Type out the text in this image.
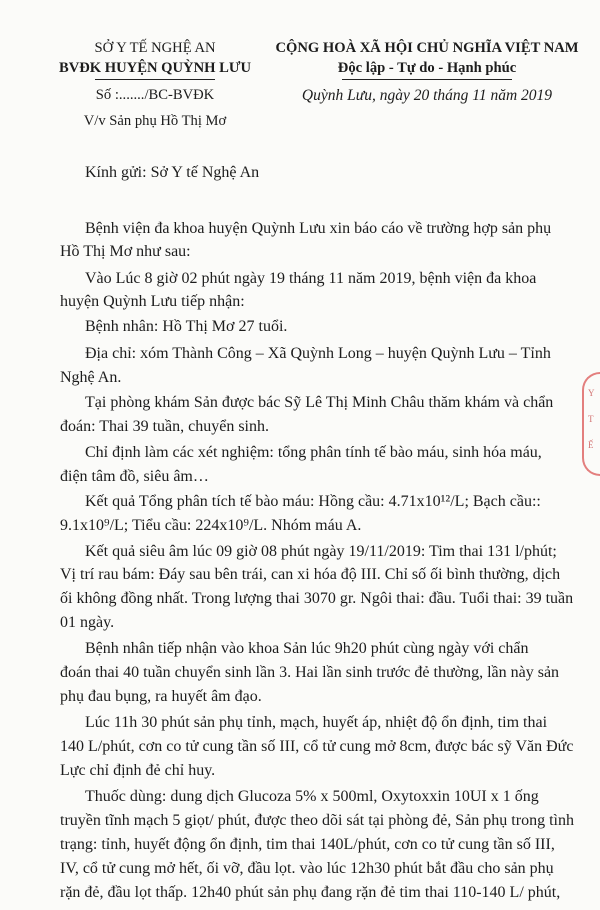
SỞ Y TẾ NGHỆ AN
BVĐK HUYỆN QUỲNH LƯU
Số :......./BC-BVĐK
V/v Sản phụ Hồ Thị Mơ
CỘNG HOÀ XÃ HỘI CHỦ NGHĨA VIỆT NAM
Độc lập - Tự do - Hạnh phúc
Quỳnh Lưu, ngày 20 tháng 11 năm 2019
Kính gửi: Sở Y tế Nghệ An
Bệnh viện đa khoa huyện Quỳnh Lưu xin báo cáo về trường hợp sản phụ
Hồ Thị Mơ như sau:
Vào Lúc 8 giờ 02 phút ngày 19 tháng 11 năm 2019, bệnh viện đa khoa
huyện Quỳnh Lưu tiếp nhận:
Bệnh nhân: Hồ Thị Mơ 27 tuổi.
Địa chỉ: xóm Thành Công – Xã Quỳnh Long – huyện Quỳnh Lưu – Tỉnh
Nghệ An.
Tại phòng khám Sản được bác Sỹ Lê Thị Minh Châu thăm khám và chẩn
đoán: Thai 39 tuần, chuyển sinh.
Chỉ định làm các xét nghiệm: tổng phân tính tế bào máu, sinh hóa máu,
điện tâm đồ, siêu âm…
Kết quả Tổng phân tích tế bào máu: Hồng cầu: 4.71x10¹²/L; Bạch cầu::
9.1x10⁹/L; Tiểu cầu: 224x10⁹/L. Nhóm máu A.
Kết quả siêu âm lúc 09 giờ 08 phút ngày 19/11/2019: Tim thai 131 l/phút;
Vị trí rau bám: Đáy sau bên trái, can xi hóa độ III. Chỉ số ối bình thường, dịch
ối không đồng nhất. Trong lượng thai 3070 gr. Ngôi thai: đầu. Tuổi thai: 39 tuần
01 ngày.
Bệnh nhân tiếp nhận vào khoa Sản lúc 9h20 phút cùng ngày với chẩn
đoán thai 40 tuần chuyển sinh lần 3. Hai lần sinh trước đẻ thường, lần này sản
phụ đau bụng, ra huyết âm đạo.
Lúc 11h 30 phút sản phụ tỉnh, mạch, huyết áp, nhiệt độ ổn định, tim thai
140 L/phút, cơn co tử cung tần số III, cổ tử cung mở 8cm, được bác sỹ Văn Đức
Lực chỉ định đẻ chỉ huy.
Thuốc dùng: dung dịch Glucoza 5% x 500ml, Oxytoxxin 10UI x 1 ống
truyền tĩnh mạch 5 giọt/ phút, được theo dõi sát tại phòng đẻ, Sản phụ trong tình
trạng: tỉnh, huyết động ổn định, tim thai 140L/phút, cơn co tử cung tần số III,
IV, cổ tử cung mở hết, ối vỡ, đầu lọt. vào lúc 12h30 phút bắt đầu cho sản phụ
rặn đẻ, đầu lọt thấp. 12h40 phút sản phụ đang rặn đẻ tim thai 110-140 L/ phút,
Y
T
Ế
